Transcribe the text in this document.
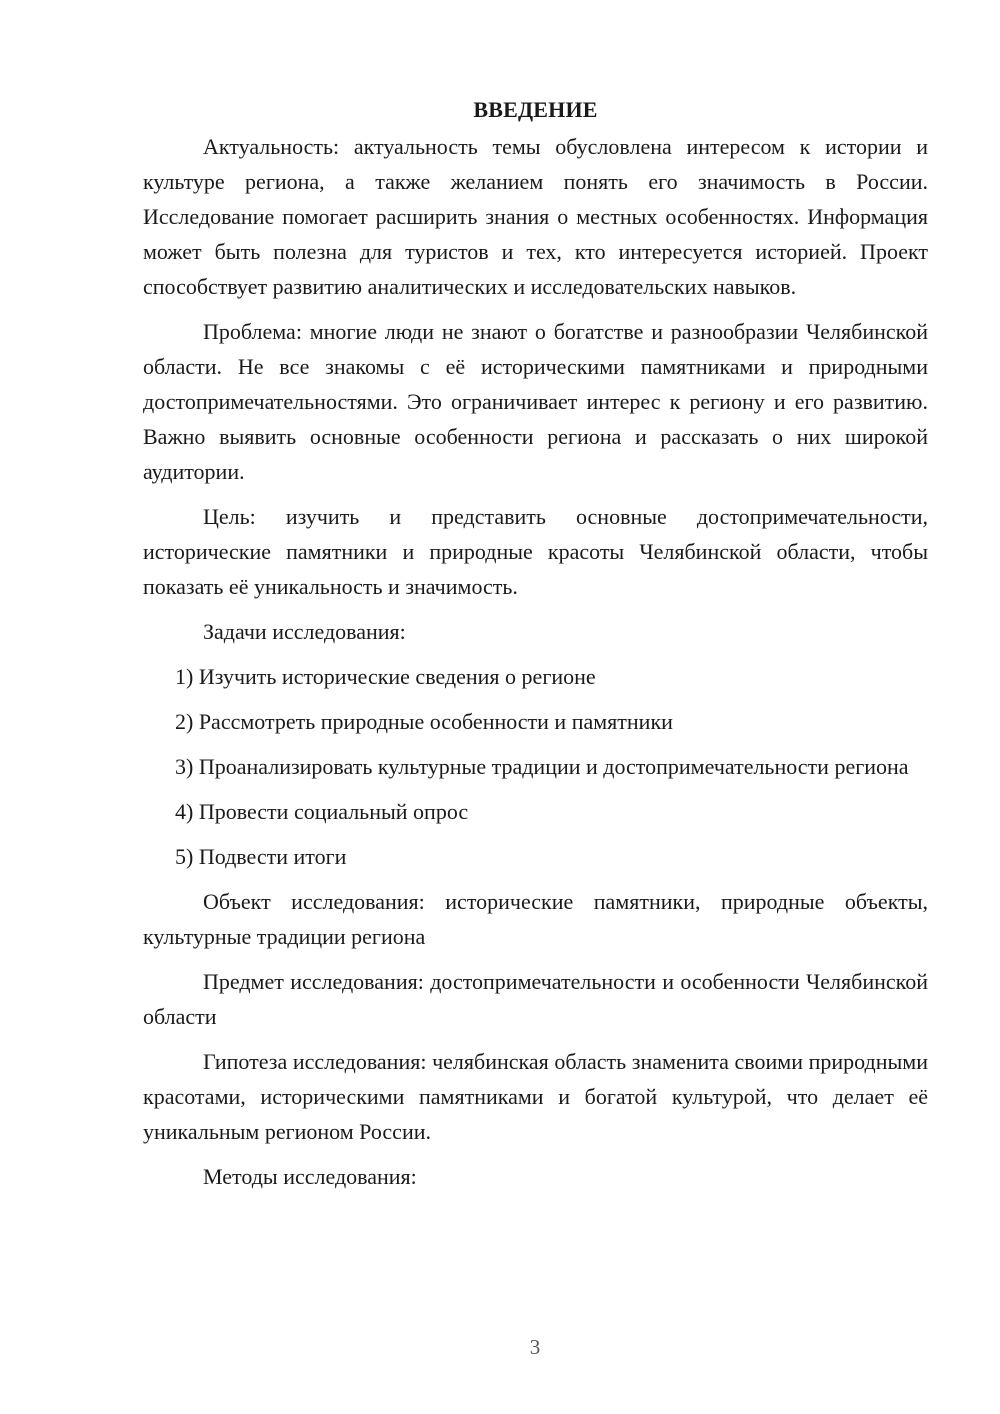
ВВЕДЕНИЕ

Актуальность: актуальность темы обусловлена интересом к истории и культуре региона, а также желанием понять его значимость в России. Исследование помогает расширить знания о местных особенностях. Информация может быть полезна для туристов и тех, кто интересуется историей. Проект способствует развитию аналитических и исследовательских навыков.

Проблема: многие люди не знают о богатстве и разнообразии Челябинской области. Не все знакомы с её историческими памятниками и природными достопримечательностями. Это ограничивает интерес к региону и его развитию. Важно выявить основные особенности региона и рассказать о них широкой аудитории.

Цель: изучить и представить основные достопримечательности, исторические памятники и природные красоты Челябинской области, чтобы показать её уникальность и значимость.

Задачи исследования:

1) Изучить исторические сведения о регионе

2) Рассмотреть природные особенности и памятники

3) Проанализировать культурные традиции и достопримечательности региона

4) Провести социальный опрос

5) Подвести итоги

Объект исследования: исторические памятники, природные объекты, культурные традиции региона

Предмет исследования: достопримечательности и особенности Челябинской области

Гипотеза исследования: челябинская область знаменита своими природными красотами, историческими памятниками и богатой культурой, что делает её уникальным регионом России.

Методы исследования:

3
